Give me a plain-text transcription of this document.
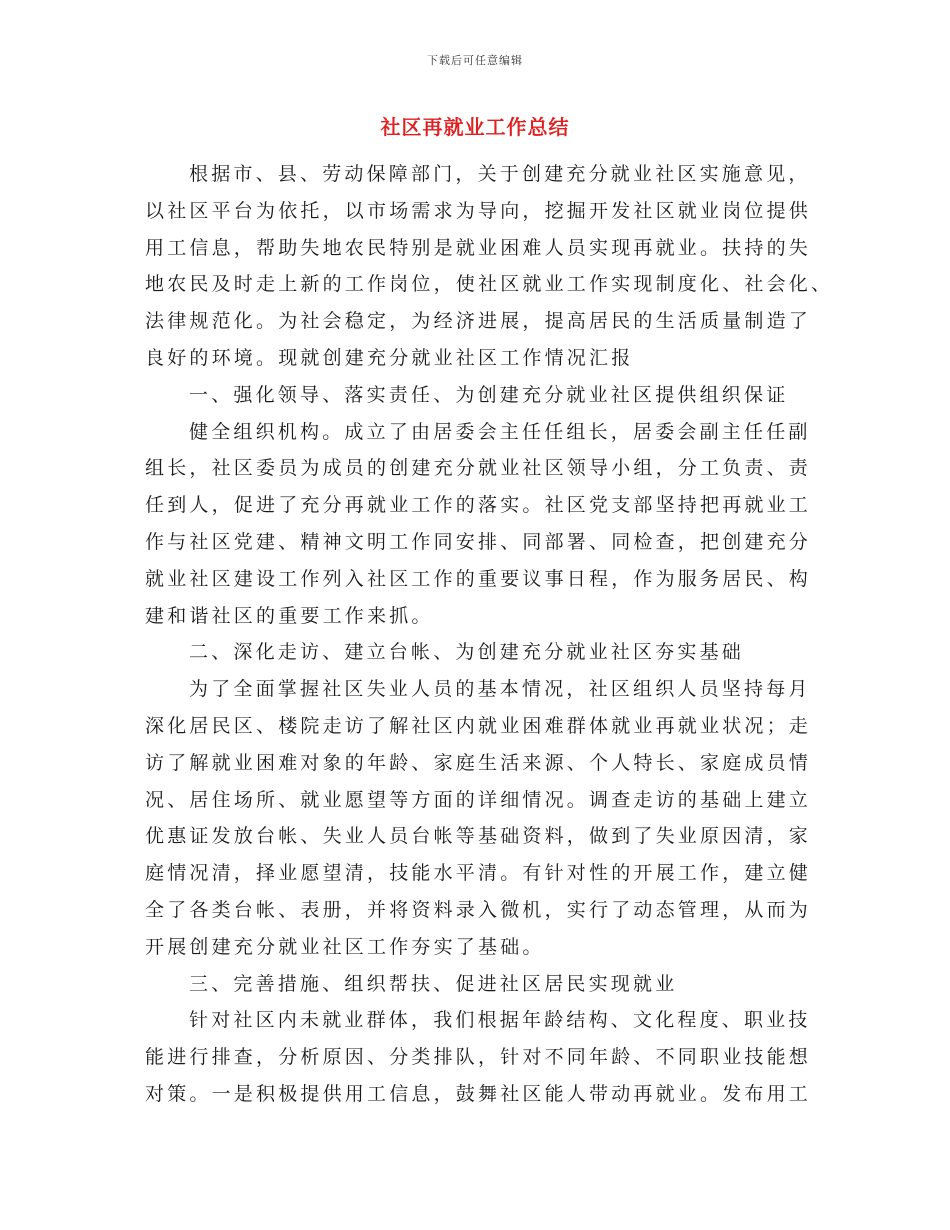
下载后可任意编辑
社区再就业工作总结
根据市、县、劳动保障部门，关于创建充分就业社区实施意见，
以社区平台为依托，以市场需求为导向，挖掘开发社区就业岗位提供
用工信息，帮助失地农民特别是就业困难人员实现再就业。扶持的失
地农民及时走上新的工作岗位，使社区就业工作实现制度化、社会化、
法律规范化。为社会稳定，为经济进展，提高居民的生活质量制造了
良好的环境。现就创建充分就业社区工作情况汇报
一、强化领导、落实责任、为创建充分就业社区提供组织保证
健全组织机构。成立了由居委会主任任组长，居委会副主任任副
组长，社区委员为成员的创建充分就业社区领导小组，分工负责、责
任到人，促进了充分再就业工作的落实。社区党支部坚持把再就业工
作与社区党建、精神文明工作同安排、同部署、同检查，把创建充分
就业社区建设工作列入社区工作的重要议事日程，作为服务居民、构
建和谐社区的重要工作来抓。
二、深化走访、建立台帐、为创建充分就业社区夯实基础
为了全面掌握社区失业人员的基本情况，社区组织人员坚持每月
深化居民区、楼院走访了解社区内就业困难群体就业再就业状况；走
访了解就业困难对象的年龄、家庭生活来源、个人特长、家庭成员情
况、居住场所、就业愿望等方面的详细情况。调查走访的基础上建立
优惠证发放台帐、失业人员台帐等基础资料，做到了失业原因清，家
庭情况清，择业愿望清，技能水平清。有针对性的开展工作，建立健
全了各类台帐、表册，并将资料录入微机，实行了动态管理，从而为
开展创建充分就业社区工作夯实了基础。
三、完善措施、组织帮扶、促进社区居民实现就业
针对社区内未就业群体，我们根据年龄结构、文化程度、职业技
能进行排查，分析原因、分类排队，针对不同年龄、不同职业技能想
对策。一是积极提供用工信息，鼓舞社区能人带动再就业。发布用工
